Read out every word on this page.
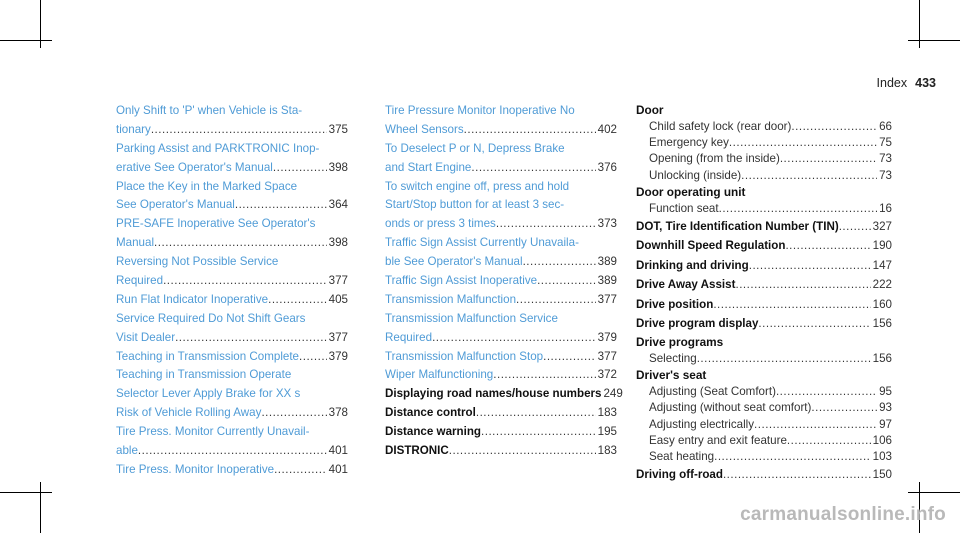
Index 433
Only Shift to 'P' when Vehicle is Sta-
tionary .....	375
Parking Assist and PARKTRONIC Inop-
erative See Operator's Manual .....	398
Place the Key in the Marked Space
See Operator's Manual .....	364
PRE-SAFE Inoperative See Operator's
Manual .....	398
Reversing Not Possible Service
Required .....	377
Run Flat Indicator Inoperative .....	405
Service Required Do Not Shift Gears
Visit Dealer .....	377
Teaching in Transmission Complete .....	379
Teaching in Transmission Operate
Selector Lever Apply Brake for XX s
Risk of Vehicle Rolling Away .....	378
Tire Press. Monitor Currently Unavail-
able .....	401
Tire Press. Monitor Inoperative .....	401
Tire Pressure Monitor Inoperative No
Wheel Sensors .....	402
To Deselect P or N, Depress Brake
and Start Engine .....	376
To switch engine off, press and hold
Start/Stop button for at least 3 sec-
onds or press 3 times .....	373
Traffic Sign Assist Currently Unavaila-
ble See Operator's Manual .....	389
Traffic Sign Assist Inoperative .....	389
Transmission Malfunction .....	377
Transmission Malfunction Service
Required .....	379
Transmission Malfunction Stop .....	377
Wiper Malfunctioning .....	372
Displaying road names/house numbers 249
Distance control .....	183
Distance warning .....	195
DISTRONIC .....	183
Door
Child safety lock (rear door) .....	66
Emergency key .....	75
Opening (from the inside) .....	73
Unlocking (inside) .....	73
Door operating unit
Function seat .....	16
DOT, Tire Identification Number (TIN) .....	327
Downhill Speed Regulation .....	190
Drinking and driving .....	147
Drive Away Assist .....	222
Drive position .....	160
Drive program display .....	156
Drive programs
Selecting .....	156
Driver's seat
Adjusting (Seat Comfort) .....	95
Adjusting (without seat comfort) .....	93
Adjusting electrically .....	97
Easy entry and exit feature .....	106
Seat heating .....	103
Driving off-road .....	150
carmanualsonline.info
